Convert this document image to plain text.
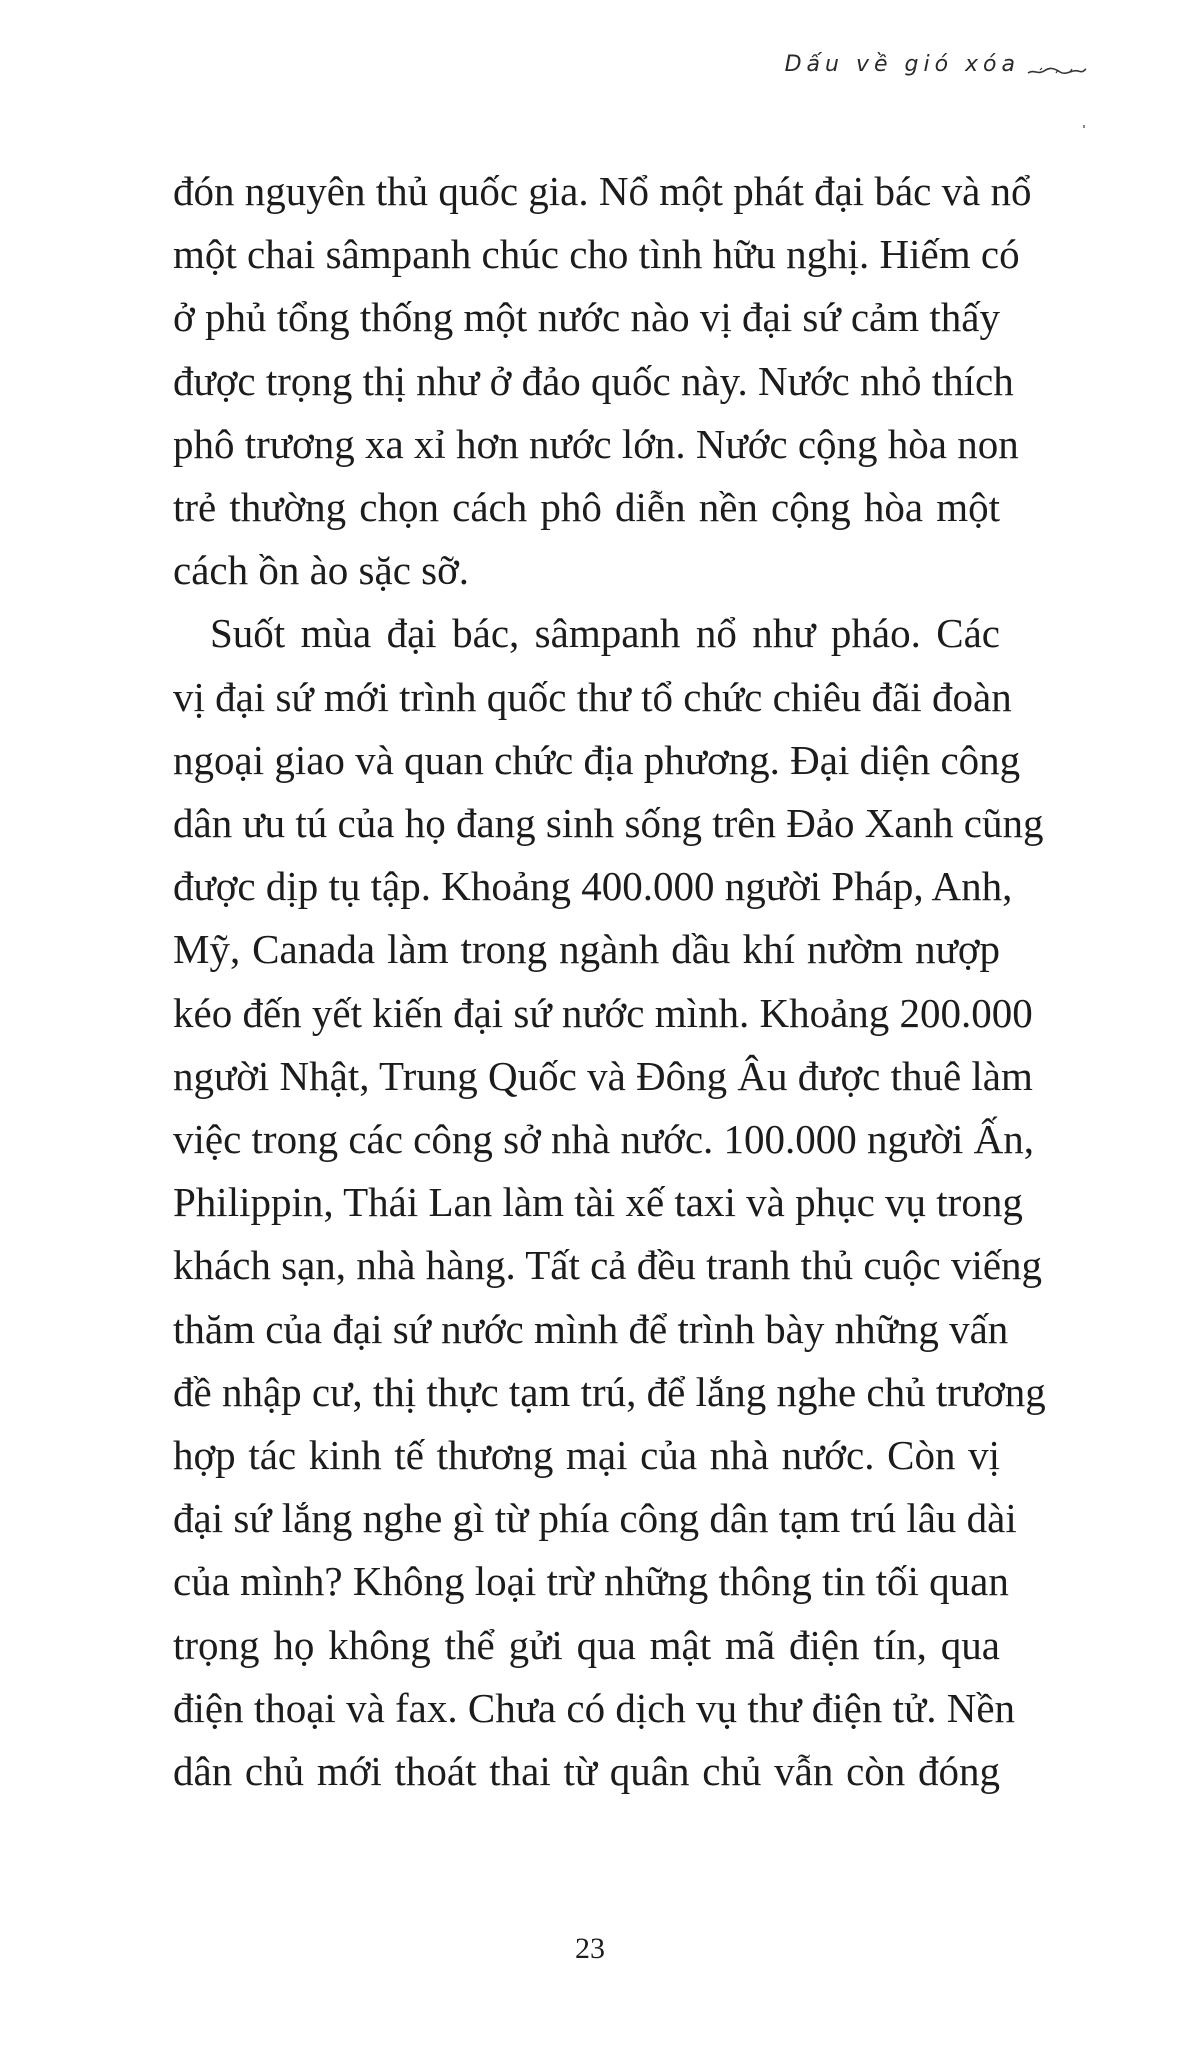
Dấu về gió xóa
đón nguyên thủ quốc gia. Nổ một phát đại bác và nổ
một chai sâmpanh chúc cho tình hữu nghị. Hiếm có
ở phủ tổng thống một nước nào vị đại sứ cảm thấy
được trọng thị như ở đảo quốc này. Nước nhỏ thích
phô trương xa xỉ hơn nước lớn. Nước cộng hòa non
trẻ thường chọn cách phô diễn nền cộng hòa một
cách ồn ào sặc sỡ.
Suốt mùa đại bác, sâmpanh nổ như pháo. Các
vị đại sứ mới trình quốc thư tổ chức chiêu đãi đoàn
ngoại giao và quan chức địa phương. Đại diện công
dân ưu tú của họ đang sinh sống trên Đảo Xanh cũng
được dịp tụ tập. Khoảng 400.000 người Pháp, Anh,
Mỹ, Canada làm trong ngành dầu khí nườm nượp
kéo đến yết kiến đại sứ nước mình. Khoảng 200.000
người Nhật, Trung Quốc và Đông Âu được thuê làm
việc trong các công sở nhà nước. 100.000 người Ấn,
Philippin, Thái Lan làm tài xế taxi và phục vụ trong
khách sạn, nhà hàng. Tất cả đều tranh thủ cuộc viếng
thăm của đại sứ nước mình để trình bày những vấn
đề nhập cư, thị thực tạm trú, để lắng nghe chủ trương
hợp tác kinh tế thương mại của nhà nước. Còn vị
đại sứ lắng nghe gì từ phía công dân tạm trú lâu dài
của mình? Không loại trừ những thông tin tối quan
trọng họ không thể gửi qua mật mã điện tín, qua
điện thoại và fax. Chưa có dịch vụ thư điện tử. Nền
dân chủ mới thoát thai từ quân chủ vẫn còn đóng
23
